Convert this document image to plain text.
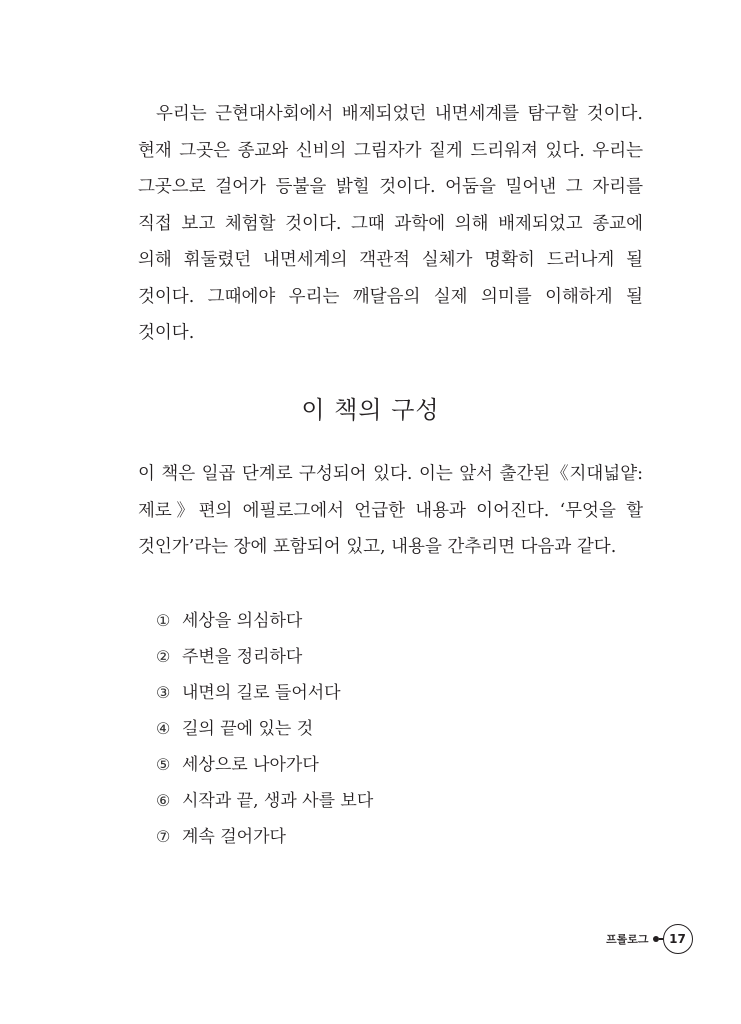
우리는 근현대사회에서 배제되었던 내면세계를 탐구할 것이다. 현재 그곳은 종교와 신비의 그림자가 짙게 드리워져 있다. 우리는 그곳으로 걸어가 등불을 밝힐 것이다. 어둠을 밀어낸 그 자리를 직접 보고 체험할 것이다. 그때 과학에 의해 배제되었고 종교에 의해 휘둘렸던 내면세계의 객관적 실체가 명확히 드러나게 될 것이다. 그때에야 우리는 깨달음의 실제 의미를 이해하게 될 것이다.

이 책의 구성

이 책은 일곱 단계로 구성되어 있다. 이는 앞서 출간된《지대넓얕: 제로》편의 에필로그에서 언급한 내용과 이어진다. ‘무엇을 할 것인가’라는 장에 포함되어 있고, 내용을 간추리면 다음과 같다.

① 세상을 의심하다
② 주변을 정리하다
③ 내면의 길로 들어서다
④ 길의 끝에 있는 것
⑤ 세상으로 나아가다
⑥ 시작과 끝, 생과 사를 보다
⑦ 계속 걸어가다
프롤로그	17
